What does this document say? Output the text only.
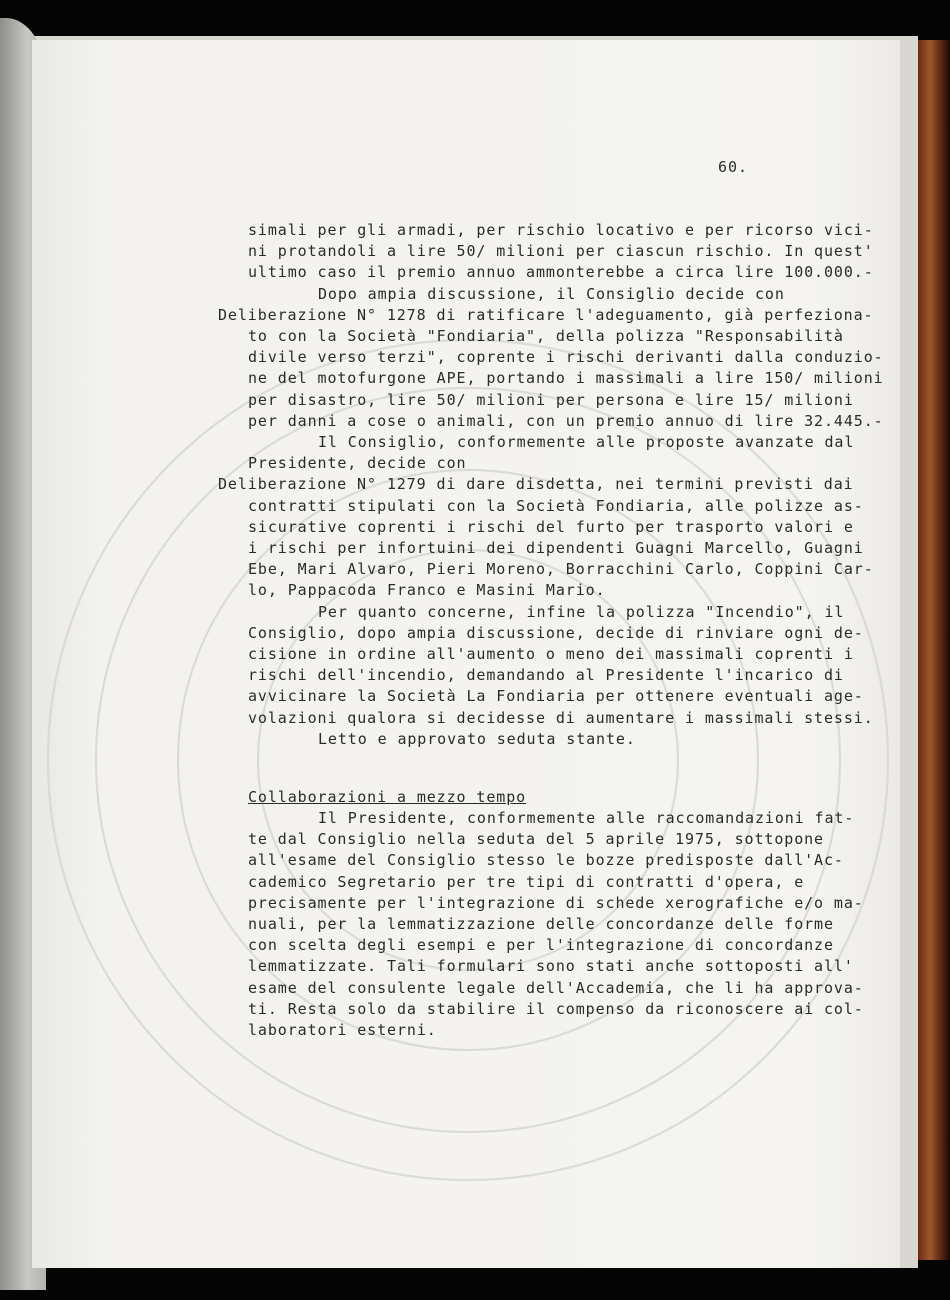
60.
simali per gli armadi, per rischio locativo e per ricorso vici-
ni protandoli a lire 50/ milioni per ciascun rischio. In quest'
ultimo caso il premio annuo ammonterebbe a circa lire 100.000.-
Dopo ampia discussione, il Consiglio decide con
Deliberazione N° 1278 di ratificare l'adeguamento, già perfeziona-
to con la Società "Fondiaria", della polizza "Responsabilità
divile verso terzi", coprente i rischi derivanti dalla conduzio-
ne del motofurgone APE, portando i massimali a lire 150/ milioni
per disastro, lire 50/ milioni per persona e lire 15/ milioni
per danni a cose o animali, con un premio annuo di lire 32.445.-
Il Consiglio, conformemente alle proposte avanzate dal
Presidente, decide con
Deliberazione N° 1279 di dare disdetta, nei termini previsti dai
contratti stipulati con la Società Fondiaria, alle polizze as-
sicurative coprenti i rischi del furto per trasporto valori e
i rischi per infortuini dei dipendenti Guagni Marcello, Guagni
Ebe, Mari Alvaro, Pieri Moreno, Borracchini Carlo, Coppini Car-
lo, Pappacoda Franco e Masini Mario.
Per quanto concerne, infine la polizza "Incendio", il
Consiglio, dopo ampia discussione, decide di rinviare ogni de-
cisione in ordine all'aumento o meno dei massimali coprenti i
rischi dell'incendio, demandando al Presidente l'incarico di
avvicinare la Società La Fondiaria per ottenere eventuali age-
volazioni qualora si decidesse di aumentare i massimali stessi.
Letto e approvato seduta stante.
Il Presidente, conformemente alle raccomandazioni fat-
te dal Consiglio nella seduta del 5 aprile 1975, sottopone
all'esame del Consiglio stesso le bozze predisposte dall'Ac-
cademico Segretario per tre tipi di contratti d'opera, e
precisamente per l'integrazione di schede xerografiche e/o ma-
nuali, per la lemmatizzazione delle concordanze delle forme
con scelta degli esempi e per l'integrazione di concordanze
lemmatizzate. Tali formulari sono stati anche sottoposti all'
esame del consulente legale dell'Accademia, che li ha approva-
ti. Resta solo da stabilire il compenso da riconoscere ai col-
laboratori esterni.
Collaborazioni a mezzo tempo
